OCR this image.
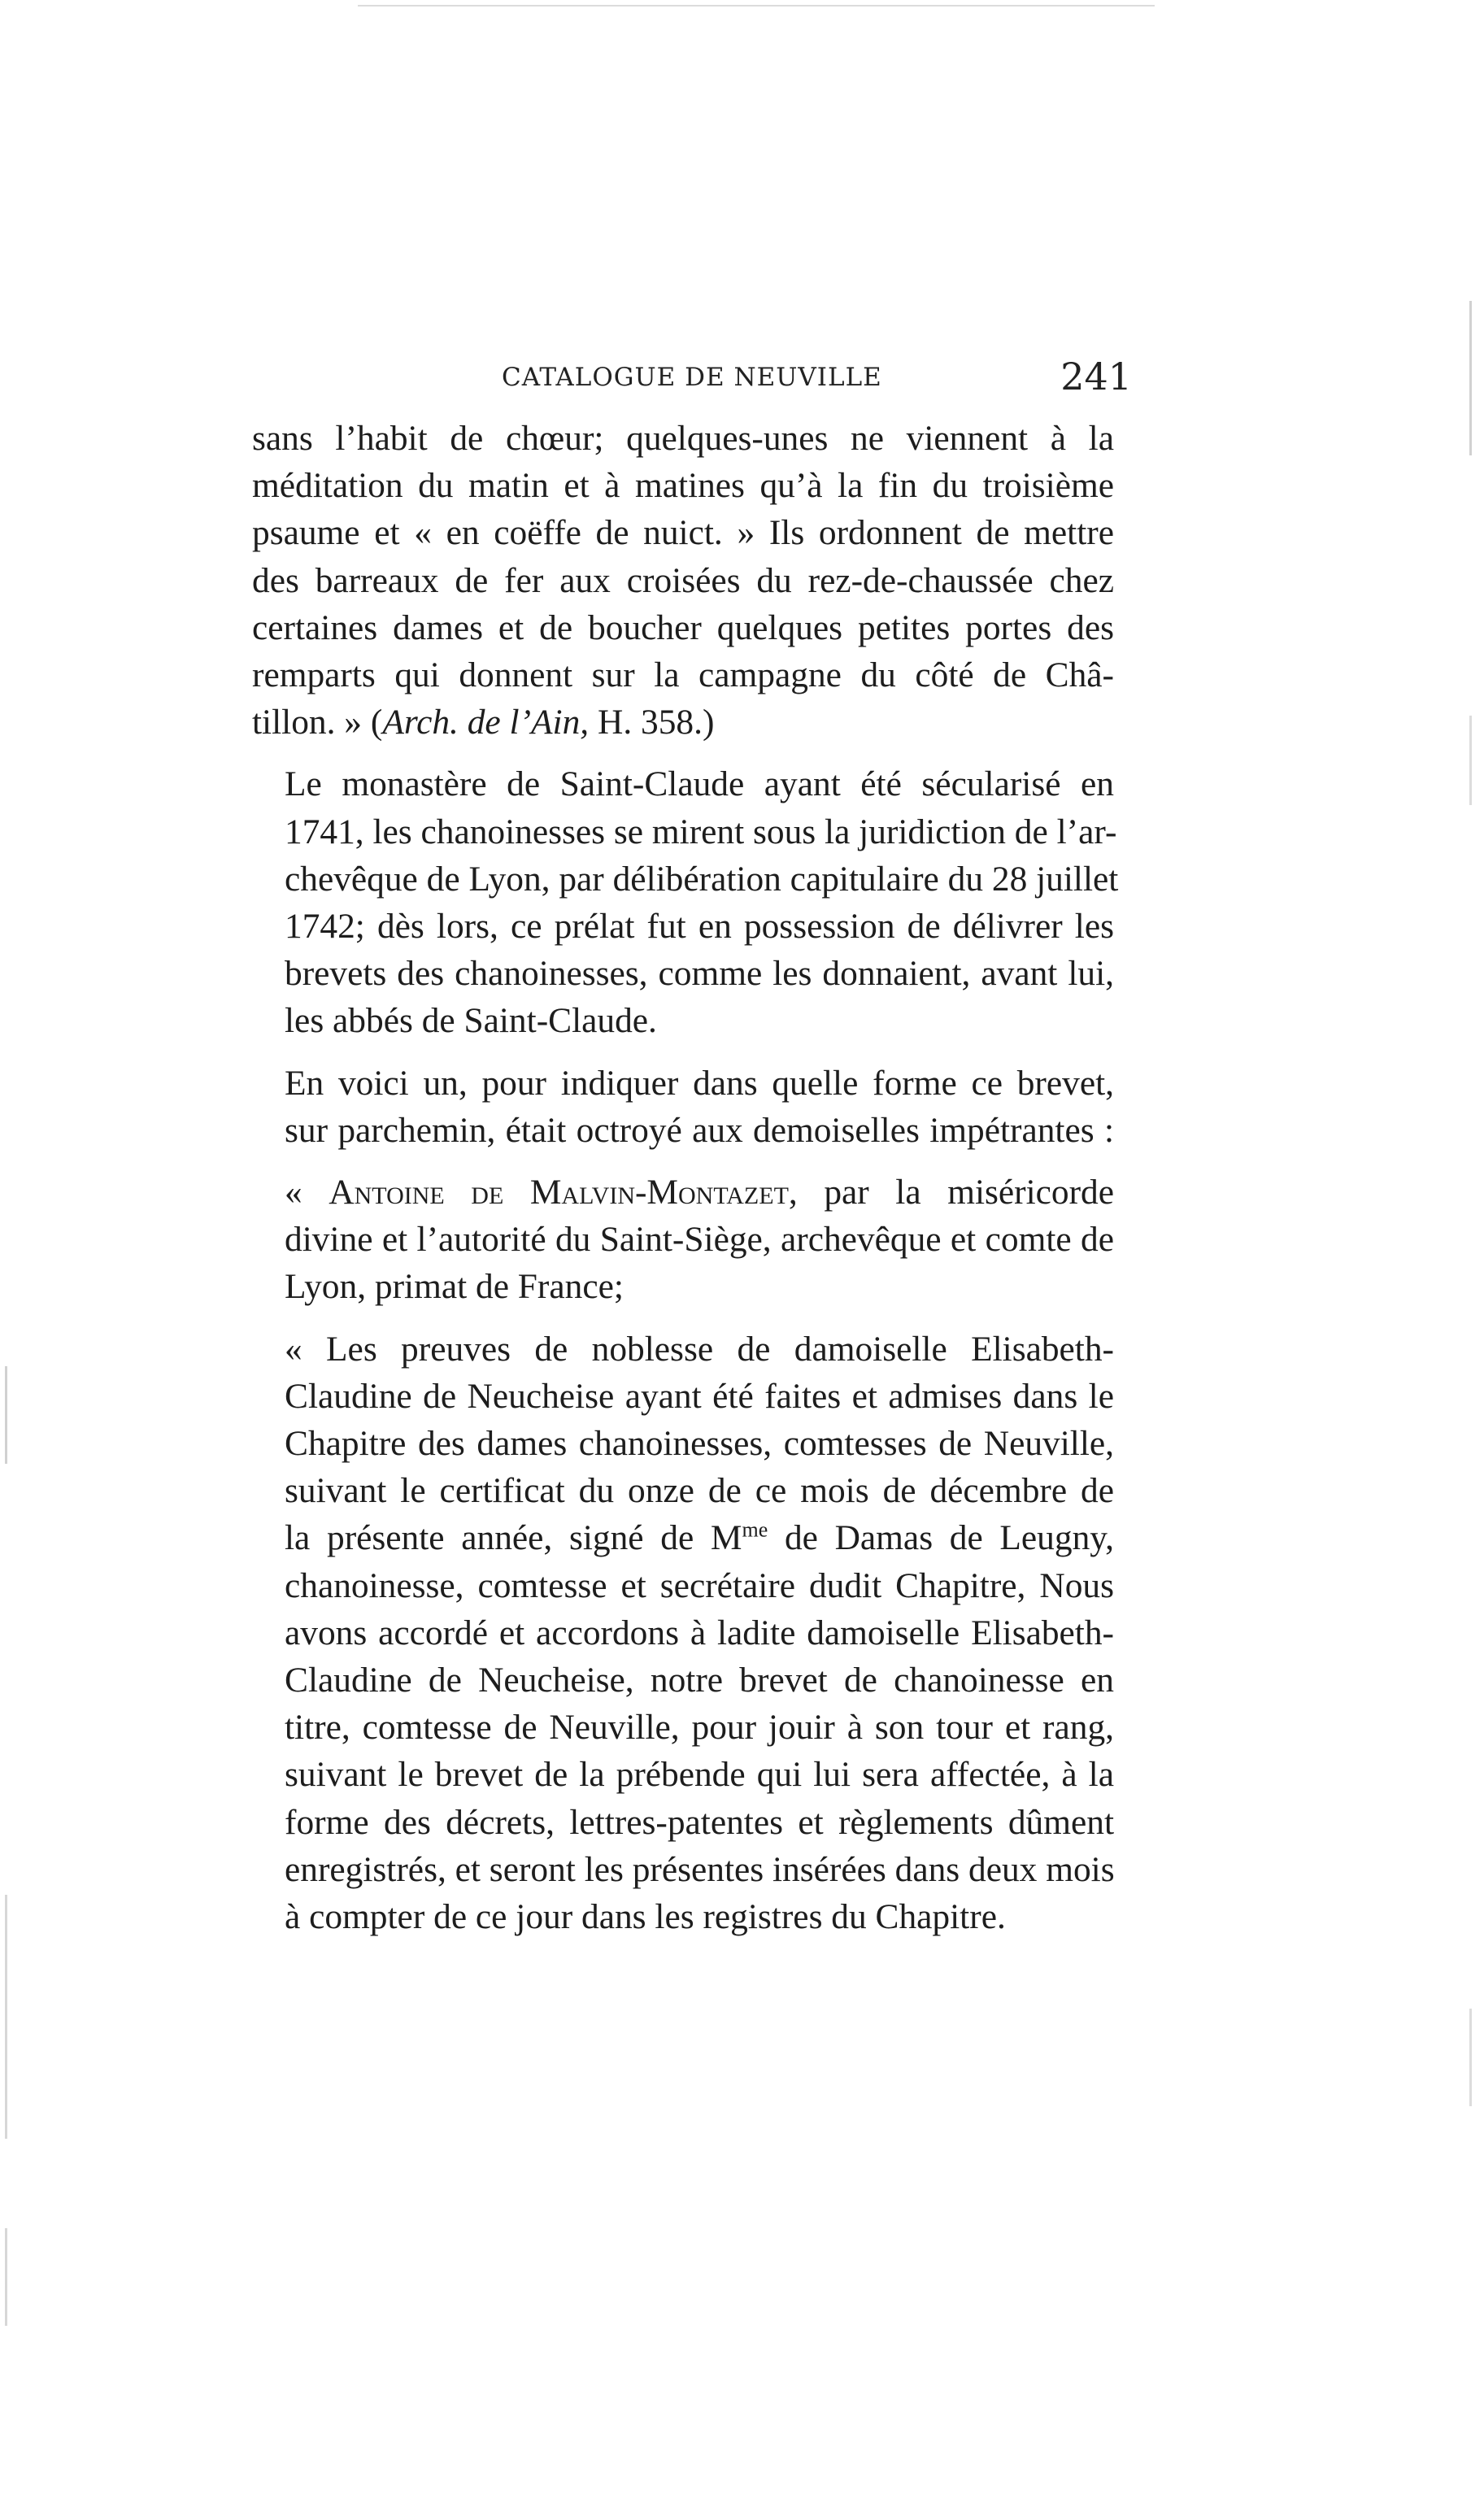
CATALOGUE DE NEUVILLE	241

sans l’habit de chœur; quelques-unes ne viennent à la
méditation du matin et à matines qu’à la fin du troisième
psaume et « en coëffe de nuict. » Ils ordonnent de mettre
des barreaux de fer aux croisées du rez-de-chaussée chez
certaines dames et de boucher quelques petites portes des
remparts qui donnent sur la campagne du côté de Châ-
tillon. » (Arch. de l’Ain, H. 358.)

Le monastère de Saint-Claude ayant été sécularisé en
1741, les chanoinesses se mirent sous la juridiction de l’ar-
chevêque de Lyon, par délibération capitulaire du 28 juillet
1742; dès lors, ce prélat fut en possession de délivrer les
brevets des chanoinesses, comme les donnaient, avant lui,
les abbés de Saint-Claude.

En voici un, pour indiquer dans quelle forme ce brevet,
sur parchemin, était octroyé aux demoiselles impétrantes :

« Antoine de Malvin-Montazet, par la miséricorde
divine et l’autorité du Saint-Siège, archevêque et comte de
Lyon, primat de France;

« Les preuves de noblesse de damoiselle Elisabeth-
Claudine de Neucheise ayant été faites et admises dans le
Chapitre des dames chanoinesses, comtesses de Neuville,
suivant le certificat du onze de ce mois de décembre de
la présente année, signé de $M^{me}$ de Damas de Leugny,
chanoinesse, comtesse et secrétaire dudit Chapitre, Nous
avons accordé et accordons à ladite damoiselle Elisabeth-
Claudine de Neucheise, notre brevet de chanoinesse en
titre, comtesse de Neuville, pour jouir à son tour et rang,
suivant le brevet de la prébende qui lui sera affectée, à la
forme des décrets, lettres-patentes et règlements dûment
enregistrés, et seront les présentes insérées dans deux mois
à compter de ce jour dans les registres du Chapitre.
